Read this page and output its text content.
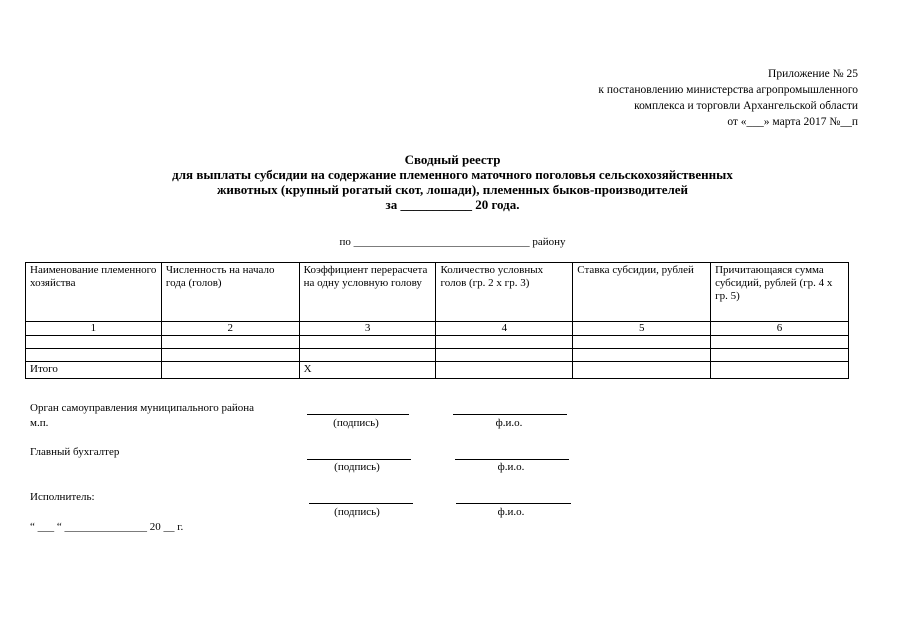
Приложение № 25
к постановлению министерства агропромышленного
комплекса и торговли Архангельской области
от «___» марта 2017 №__п
Сводный реестр
для выплаты субсидии на содержание племенного маточного поголовья сельскохозяйственных
животных (крупный рогатый скот, лошади), племенных быков-производителей
за ___________ 20 года.
по ________________________________ району
Наименование племенного хозяйства	Численность на начало года (голов)	Коэффициент перерасчета на одну условную голову	Количество условных голов (гр. 2 х гр. 3)	Ставка субсидии, рублей	Причитающаяся сумма субсидий, рублей (гр. 4 х гр. 5)
1	2	3	4	5	6

Итого		Х			
Орган самоуправления муниципального района
м.п.	(подпись)	ф.и.о.
Главный бухгалтер
(подпись)	ф.и.о.
Исполнитель:
(подпись)	ф.и.о.
“ ___ “ _______________ 20 __ г.
